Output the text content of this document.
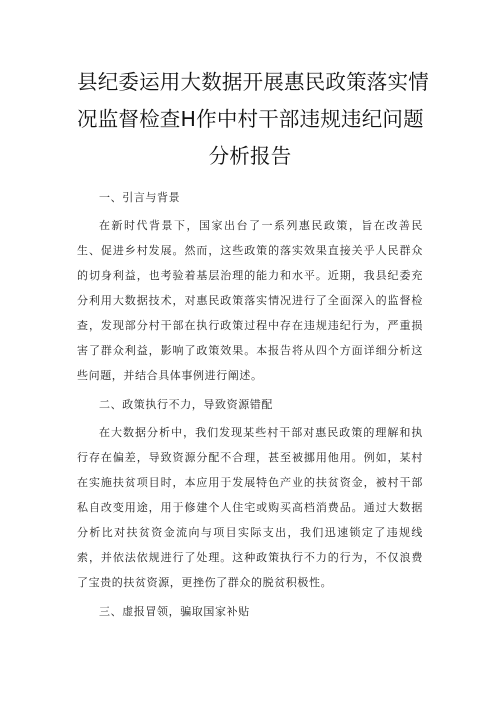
县纪委运用大数据开展惠民政策落实情
况监督检查H作中村干部违规违纪问题
分析报告
一、引言与背景

在新时代背景下，国家出台了一系列惠民政策，旨在改善民生、促进乡村发展。然而，这些政策的落实效果直接关乎人民群众的切身利益，也考验着基层治理的能力和水平。近期，我县纪委充分利用大数据技术，对惠民政策落实情况进行了全面深入的监督检查，发现部分村干部在执行政策过程中存在违规违纪行为，严重损害了群众利益，影响了政策效果。本报告将从四个方面详细分析这些问题，并结合具体事例进行阐述。

二、政策执行不力，导致资源错配

在大数据分析中，我们发现某些村干部对惠民政策的理解和执行存在偏差，导致资源分配不合理，甚至被挪用他用。例如，某村在实施扶贫项目时，本应用于发展特色产业的扶贫资金，被村干部私自改变用途，用于修建个人住宅或购买高档消费品。通过大数据分析比对扶贫资金流向与项目实际支出，我们迅速锁定了违规线索，并依法依规进行了处理。这种政策执行不力的行为，不仅浪费了宝贵的扶贫资源，更挫伤了群众的脱贫积极性。

三、虚报冒领，骗取国家补贴
